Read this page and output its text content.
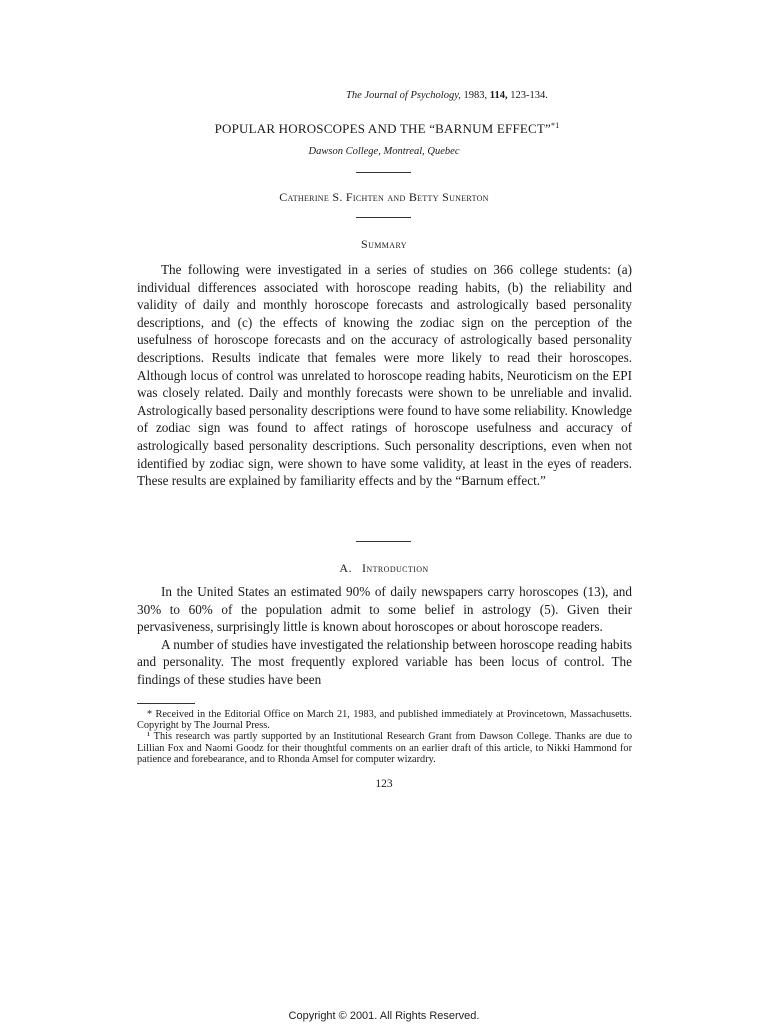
The Journal of Psychology, 1983, 114, 123-134.
POPULAR HOROSCOPES AND THE “BARNUM EFFECT”$^{*1}$
Dawson College, Montreal, Quebec
Catherine S. Fichten and Betty Sunerton
Summary

The following were investigated in a series of studies on 366 college students: (a) individual differences associated with horoscope reading habits, (b) the reliability and validity of daily and monthly horoscope forecasts and astrologically based personality descriptions, and (c) the effects of knowing the zodiac sign on the perception of the usefulness of horoscope forecasts and on the accuracy of astrologically based personality descriptions. Results indicate that females were more likely to read their horoscopes. Although locus of control was unrelated to horoscope reading habits, Neuroticism on the EPI was closely related. Daily and monthly forecasts were shown to be unreliable and invalid. Astrologically based personality descriptions were found to have some reliability. Knowledge of zodiac sign was found to affect ratings of horoscope usefulness and accuracy of astrologically based personality descriptions. Such personality descriptions, even when not identified by zodiac sign, were shown to have some validity, at least in the eyes of readers. These results are explained by familiarity effects and by the “Barnum effect.”

A.   Introduction

In the United States an estimated 90% of daily newspapers carry horoscopes (13), and 30% to 60% of the population admit to some belief in astrology (5). Given their pervasiveness, surprisingly little is known about horoscopes or about horoscope readers.

A number of studies have investigated the relationship between horoscope reading habits and personality. The most frequently explored variable has been locus of control. The findings of these studies have been

* Received in the Editorial Office on March 21, 1983, and published immediately at Provincetown, Massachusetts. Copyright by The Journal Press.

¹ This research was partly supported by an Institutional Research Grant from Dawson College. Thanks are due to Lillian Fox and Naomi Goodz for their thoughtful comments on an earlier draft of this article, to Nikki Hammond for patience and forebearance, and to Rhonda Amsel for computer wizardry.

123
Copyright © 2001. All Rights Reserved.
